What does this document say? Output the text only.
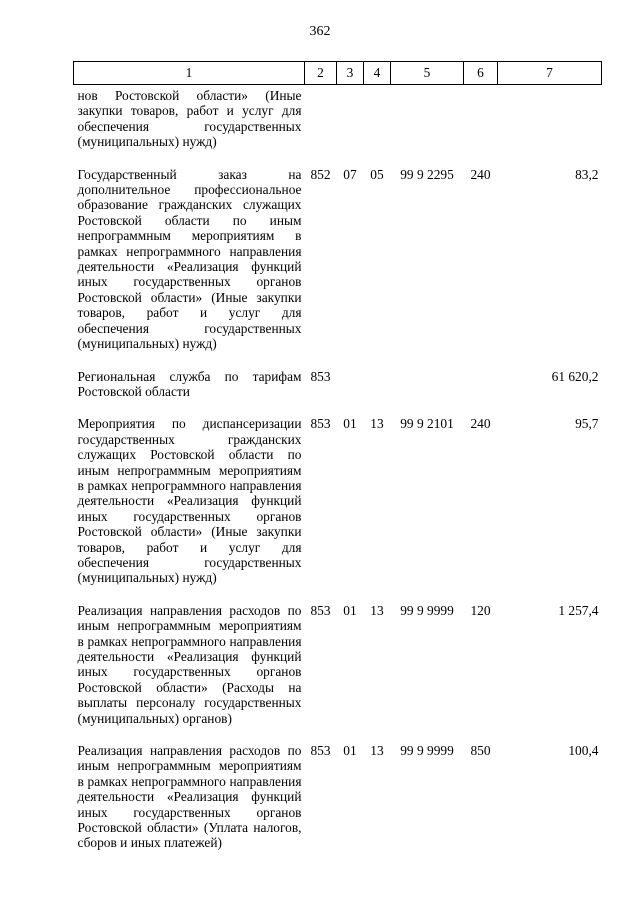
362
1	2	3	4	5	6	7
нов Ростовской области» (Иные закупки товаров, работ и услуг для обеспечения государственных (муниципальных) нужд)						
Государственный заказ на дополнительное профессиональное образование гражданских служащих Ростовской области по иным непрограммным мероприятиям в рамках непрограммного направления деятельности «Реализация функций иных государственных органов Ростовской области» (Иные закупки товаров, работ и услуг для обеспечения государственных (муниципальных) нужд)	852	07	05	99 9 2295	240	83,2
Региональная служба по тарифам Ростовской области	853					61 620,2
Мероприятия по диспансеризации государственных гражданских служащих Ростовской области по иным непрограммным мероприятиям в рамках непрограммного направления деятельности «Реализация функций иных государственных органов Ростовской области» (Иные закупки товаров, работ и услуг для обеспечения государственных (муниципальных) нужд)	853	01	13	99 9 2101	240	95,7
Реализация направления расходов по иным непрограммным мероприятиям в рамках непрограммного направления деятельности «Реализация функций иных государственных органов Ростовской области» (Расходы на выплаты персоналу государственных (муниципальных) органов)	853	01	13	99 9 9999	120	1 257,4
Реализация направления расходов по иным непрограммным мероприятиям в рамках непрограммного направления деятельности «Реализация функций иных государственных органов Ростовской области» (Уплата налогов, сборов и иных платежей)	853	01	13	99 9 9999	850	100,4
